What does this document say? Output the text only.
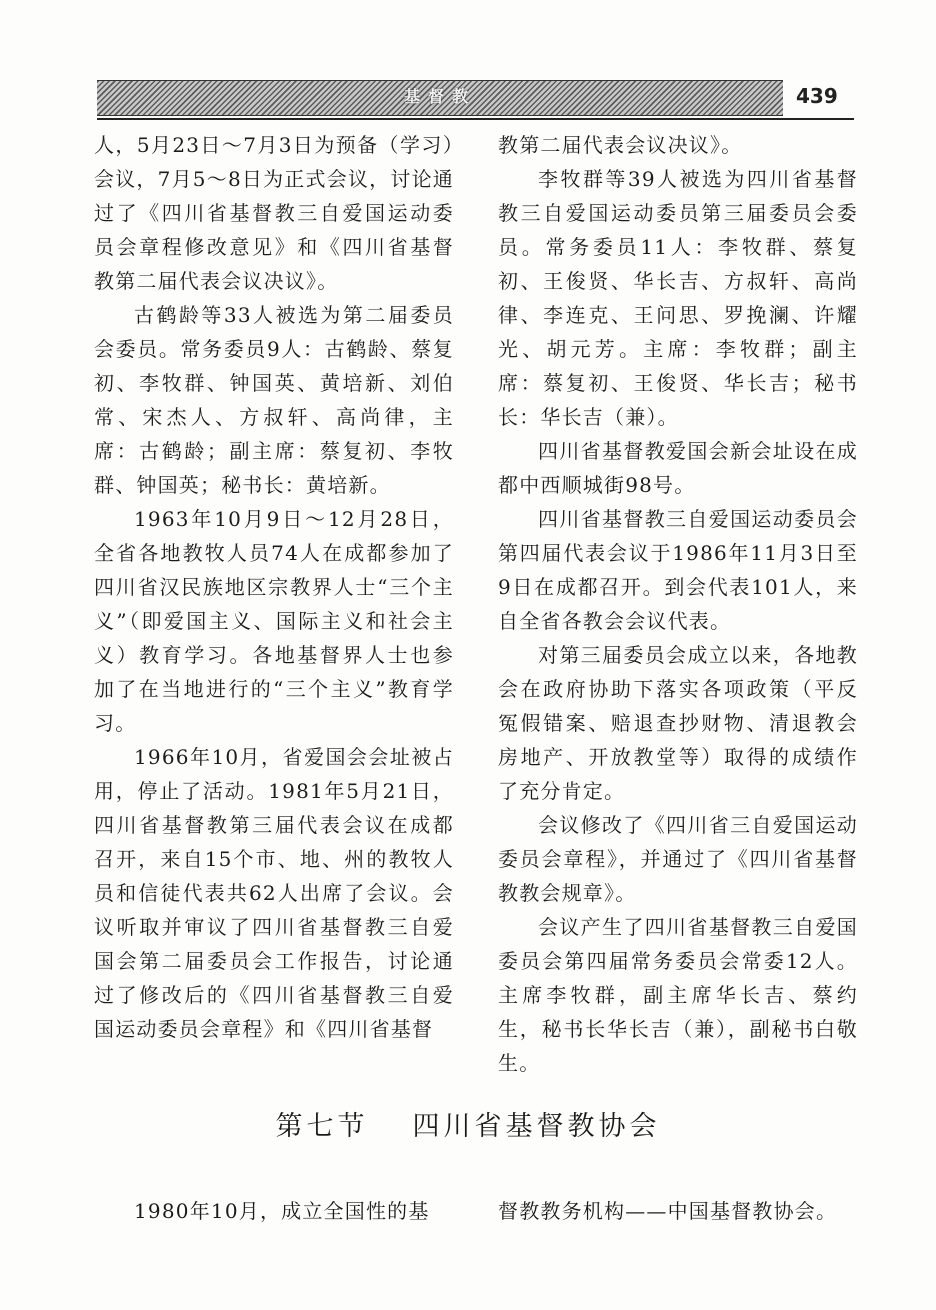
基督教	439

人，5月23日～7月3日为预备（学习）会议，7月5～8日为正式会议，讨论通过了《四川省基督教三自爱国运动委员会章程修改意见》和《四川省基督教第二届代表会议决议》。

古鹤龄等33人被选为第二届委员会委员。常务委员9人：古鹤龄、蔡复初、李牧群、钟国英、黄培新、刘伯常、宋杰人、方叔轩、高尚律，主席：古鹤龄；副主席：蔡复初、李牧群、钟国英；秘书长：黄培新。

1963年10月9日～12月28日，全省各地教牧人员74人在成都参加了四川省汉民族地区宗教界人士“三个主义”（即爱国主义、国际主义和社会主义）教育学习。各地基督界人士也参加了在当地进行的“三个主义”教育学习。

1966年10月，省爱国会会址被占用，停止了活动。1981年5月21日，四川省基督教第三届代表会议在成都召开，来自15个市、地、州的教牧人员和信徒代表共62人出席了会议。会议听取并审议了四川省基督教三自爱国会第二届委员会工作报告，讨论通过了修改后的《四川省基督教三自爱国运动委员会章程》和《四川省基督

教第二届代表会议决议》。

李牧群等39人被选为四川省基督教三自爱国运动委员第三届委员会委员。常务委员11人：李牧群、蔡复初、王俊贤、华长吉、方叔轩、高尚律、李连克、王问思、罗挽澜、许耀光、胡元芳。主席：李牧群；副主席：蔡复初、王俊贤、华长吉；秘书长：华长吉（兼）。

四川省基督教爱国会新会址设在成都中西顺城街98号。

四川省基督教三自爱国运动委员会第四届代表会议于1986年11月3日至9日在成都召开。到会代表101人，来自全省各教会会议代表。

对第三届委员会成立以来，各地教会在政府协助下落实各项政策（平反冤假错案、赔退查抄财物、清退教会房地产、开放教堂等）取得的成绩作了充分肯定。

会议修改了《四川省三自爱国运动委员会章程》，并通过了《四川省基督教教会规章》。

会议产生了四川省基督教三自爱国委员会第四届常务委员会常委12人。主席李牧群，副主席华长吉、蔡约生，秘书长华长吉（兼），副秘书白敬生。

第七节 四川省基督教协会

1980年10月，成立全国性的基	督教教务机构——中国基督教协会。
